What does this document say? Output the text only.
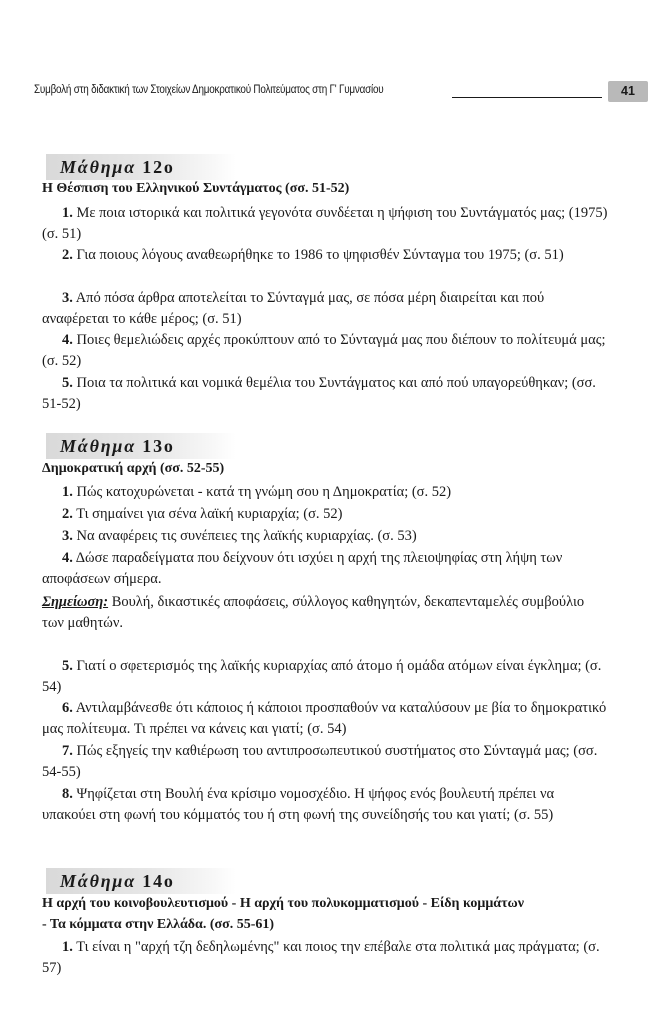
Συμβολή στη διδακτική των Στοιχείων Δημοκρατικού Πολιτεύματος στη Γ' Γυμνασίου	41
Μάθημα 12ο
Η Θέσπιση του Ελληνικού Συντάγματος (σσ. 51-52)
1. Με ποια ιστορικά και πολιτικά γεγονότα συνδέεται η ψήφιση του Συντάγματός μας; (1975) (σ. 51)
2. Για ποιους λόγους αναθεωρήθηκε το 1986 το ψηφισθέν Σύνταγμα του 1975; (σ. 51)
3. Από πόσα άρθρα αποτελείται το Σύνταγμά μας, σε πόσα μέρη διαιρείται και πού αναφέρεται το κάθε μέρος; (σ. 51)
4. Ποιες θεμελιώδεις αρχές προκύπτουν από το Σύνταγμά μας που διέπουν το πολίτευμά μας; (σ. 52)
5. Ποια τα πολιτικά και νομικά θεμέλια του Συντάγματος και από πού υπαγορεύθηκαν; (σσ. 51-52)
Μάθημα 13ο
Δημοκρατική αρχή (σσ. 52-55)
1. Πώς κατοχυρώνεται - κατά τη γνώμη σου η Δημοκρατία; (σ. 52)
2. Τι σημαίνει για σένα λαϊκή κυριαρχία; (σ. 52)
3. Να αναφέρεις τις συνέπειες της λαϊκής κυριαρχίας. (σ. 53)
4. Δώσε παραδείγματα που δείχνουν ότι ισχύει η αρχή της πλειοψηφίας στη λήψη των αποφάσεων σήμερα.
Σημείωση: Βουλή, δικαστικές αποφάσεις, σύλλογος καθηγητών, δεκαπενταμελές συμβούλιο των μαθητών.
5. Γιατί ο σφετερισμός της λαϊκής κυριαρχίας από άτομο ή ομάδα ατόμων είναι έγκλημα; (σ. 54)
6. Αντιλαμβάνεσθε ότι κάποιος ή κάποιοι προσπαθούν να καταλύσουν με βία το δημοκρατικό μας πολίτευμα. Τι πρέπει να κάνεις και γιατί; (σ. 54)
7. Πώς εξηγείς την καθιέρωση του αντιπροσωπευτικού συστήματος στο Σύνταγμά μας; (σσ. 54-55)
8. Ψηφίζεται στη Βουλή ένα κρίσιμο νομοσχέδιο. Η ψήφος ενός βουλευτή πρέπει να υπακούει στη φωνή του κόμματός του ή στη φωνή της συνείδησής του και γιατί; (σ. 55)
Μάθημα 14ο
Η αρχή του κοινοβουλευτισμού - Η αρχή του πολυκομματισμού - Είδη κομμάτων
- Τα κόμματα στην Ελλάδα. (σσ. 55-61)
1. Τι είναι η "αρχή τζη δεδηλωμένης" και ποιος την επέβαλε στα πολιτικά μας πράγματα; (σ. 57)
